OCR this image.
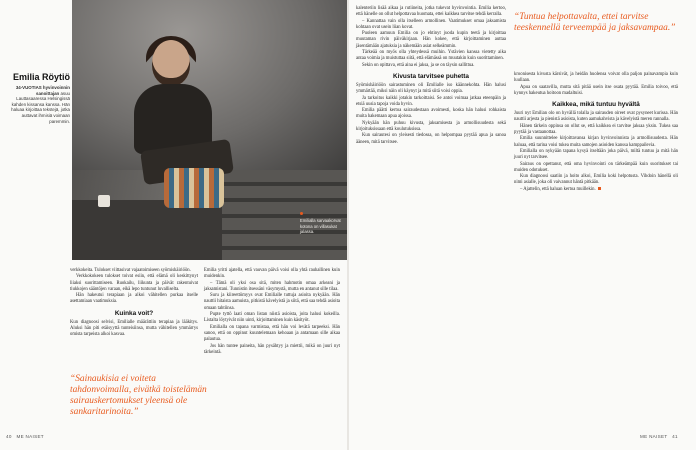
Emilialla sarvaakorvat kotona on villasukat jalassa.

Emilia Röytiö

34-VUOTIAS hyvinvoinnin sanoittajan asuu Lauttasaaressa Helsingissä kahden kissansa kanssa. Hän haluaa kirjoittaa tekstejä, jotka auttavat ihmisiä voimaan paremmin.

verkkokeita. Tulokset viittasivat vajaatoimiseen syömishäiriöön.

Verkkokokeen tulokset toivat esiin, että elämä oli keskittynyt liiaksi suorittamiseen. Ruokailu, liikunta ja päivät rakentuivat tiukkojen sääntöjen varaan, eikä lepo tuntunut luvalliselta.

Hän hakeutui terapiaan ja alkoi vähitellen purkaa itselle asettamiaan vaatimuksia.

Kuinka voit?

Kun diagnoosi selvisi, Emilialle määrättiin terapiaa ja lääkitys. Aluksi hän piti etäisyyttä tunteisiinsa, mutta vähitellen ymmärrys omista tarpeista alkoi kasvaa.

“Sainaukisia ei voiteta tahdonvoimalla, eivätkä toistelämän sairauskertomukset yleensä ole sankaritarinoita.”

Emilia yritti ajatella, että vauvan päivä voisi olla yhtä rauhallinen kuin muidenkin.

– Tämä oli yksi osa sitä, miten hahmotin omaa arkeani ja jaksamistani. Tunnistin itsessäni väsymystä, mutta en antanut sille tilaa.

Suru ja kiireettömyys ovat Emilialle tuttuja asioita nykyään. Hän nauttii hitaista aamuista, pitkistä kävelyistä ja siitä, että saa tehdä asioita omaan tahtiinsa.

Pupte tyttö laati oman listan niistä asioista, joita halusi kokeilla. Listalta löytyivät niin uinti, kirjoittaminen kuin käsityöt.

Emilialla on tapana varmistaa, että hän voi levätä tarpeeksi. Hän sanoo, että on oppinut kuuntelemaan kehoaan ja antamaan sille aikaa palautua.

Jos hän tuntee paineita, hän pysähtyy ja miettii, mikä on juuri nyt tärkeintä.

kalenteriin lisää aikaa ja rutiineita, jotka tukevat hyvinvointia. Emilia kertoo, että hänelle on ollut helpottavaa huomata, ettei kaikkea tarvitse tehdä kerralla.

– Kannattaa vain olla itselleen armollinen. Vaatimukset omaa jaksamista kohtaan ovat usein liian kovat.

Puoleen aamuun Emilia on jo ehtinyt juoda kupin teetä ja kirjoittaa muutaman rivin päiväkirjaan. Hän kokee, että kirjoittaminen auttaa jäsentämään ajatuksia ja näkemään asiat selkeämmin.

Tärkeää on myös olla yhteydessä muihin. Ystävien kanssa vietetty aika antaa voimia ja muistuttaa siitä, että elämässä on muutakin kuin suorittaminen.

Sekin on opittava, että aina ei jaksa, ja se on täysin sallittua.

Kivusta tarvitsee puhetta

Syömishäiriöön sairastuminen oli Emilialle iso käännekohta. Hän halusi ymmärtää, miksi näin oli käynyt ja mitä siitä voisi oppia.

Ja tarkoitus kaikki jotakin tarkoittaisi. Se antoi voimaa jatkaa eteenpäin ja etsiä uusia tapoja voida hyvin.

Emilia päätti kertoa sairaudestaan avoimesti, koska hän halusi rohkaista muita hakemaan apua ajoissa.

Nykyään hän puhuu kivusta, jaksamisesta ja armollisuudesta sekä kirjoituksissaan että koulutuksissa.

Kun sairautesi on yleisesti tiedossa, on helpompaa pyytää apua ja sanoa ääneen, mitä tarvitsee.

“Tuntua helpottavalta, ettei tarvitse teeskennellä terveempää ja jaksavampaa.”

kroonisesta kivusta kärsivät, ja heidän huolensa voivat olla paljon painavampia kuin luullaan.

Apua on saatavilla, mutta sitä pitää usein itse osata pyytää. Emilia toivoo, että kynnys hakeutua hoitoon madaltuisi.

Kaikkea, mikä tuntuu hyvältä

Juuri nyt Emilian olo on hyvällä tolalla ja sairauden oireet ovat pysyneet kurissa. Hän nauttii arjesta ja pienistä asioista, kuten aamukahvista ja kävelyistä meren rannalla.

Hänen tärkein oppinsa on ollut se, että kaikkea ei tarvitse jaksaa yksin. Tukea saa pyytää ja vastaanottaa.

Emilia suunnittelee kirjoittavansa kirjan hyvinvoinnista ja armollisuudesta. Hän haluaa, että tarina voisi tukea muita samojen asioiden kanssa kamppailevia.

Emilialla on nykyään tapana kysyä itseltään joka päivä, miltä tuntuu ja mitä hän juuri nyt tarvitsee.

Sairaus on opettanut, että oma hyvinvointi on tärkeämpää kuin suoritukset tai muiden odotukset.

Kun diagnoosi saatiin ja hoito alkoi, Emilia koki helpotusta. Vihdoin hänellä oli nimi asialle, joka oli vaivannut häntä pitkään.

– Ajattelin, että haluan kertoa muillekin.

40 ME NAISET	ME NAISET 41
